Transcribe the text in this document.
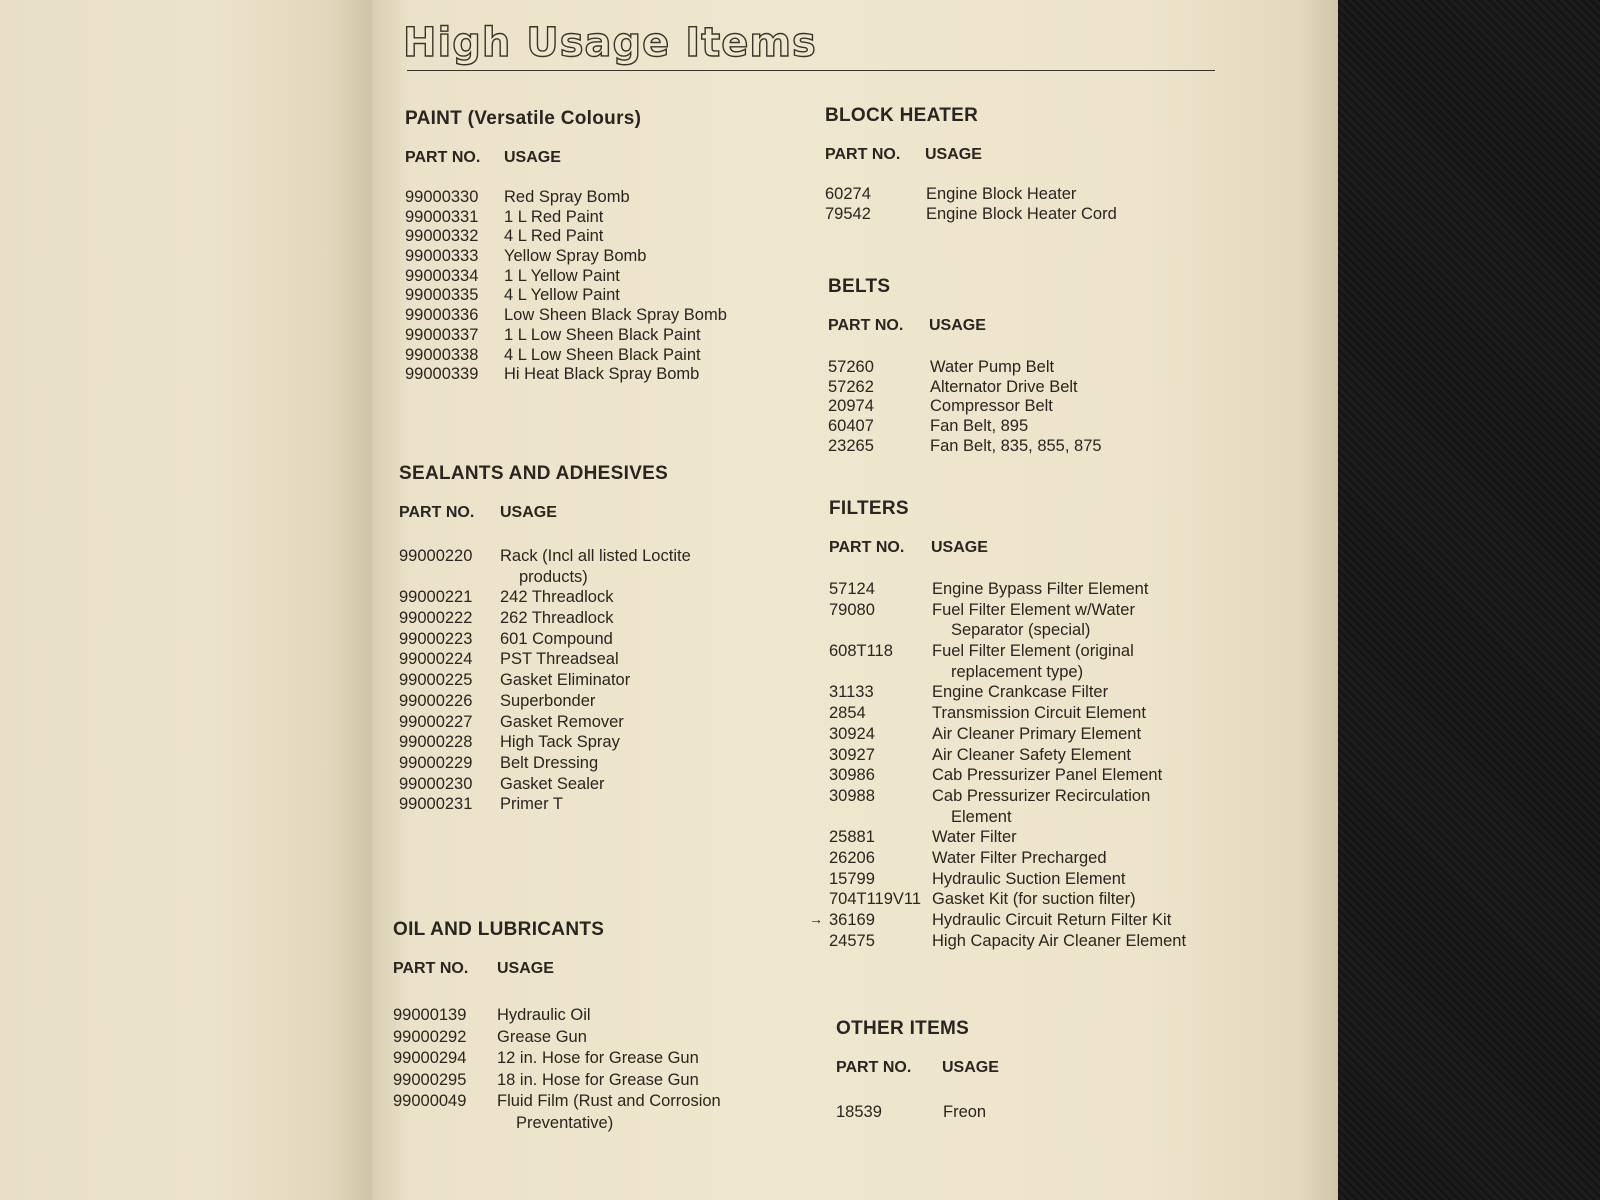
High Usage Items
PAINT (Versatile Colours)
PART NO. USAGE
99000330 Red Spray Bomb
99000331 1 L Red Paint
99000332 4 L Red Paint
99000333 Yellow Spray Bomb
99000334 1 L Yellow Paint
99000335 4 L Yellow Paint
99000336 Low Sheen Black Spray Bomb
99000337 1 L Low Sheen Black Paint
99000338 4 L Low Sheen Black Paint
99000339 Hi Heat Black Spray Bomb
SEALANTS AND ADHESIVES
PART NO. USAGE
99000220 Rack (Incl all listed Loctite
products)
99000221 242 Threadlock
99000222 262 Threadlock
99000223 601 Compound
99000224 PST Threadseal
99000225 Gasket Eliminator
99000226 Superbonder
99000227 Gasket Remover
99000228 High Tack Spray
99000229 Belt Dressing
99000230 Gasket Sealer
99000231 Primer T
OIL AND LUBRICANTS
PART NO. USAGE
99000139 Hydraulic Oil
99000292 Grease Gun
99000294 12 in. Hose for Grease Gun
99000295 18 in. Hose for Grease Gun
99000049 Fluid Film (Rust and Corrosion
Preventative)
BLOCK HEATER
PART NO. USAGE
60274	Engine Block Heater
79542	Engine Block Heater Cord
BELTS
PART NO. USAGE
57260	Water Pump Belt
57262	Alternator Drive Belt
20974	Compressor Belt
60407	Fan Belt, 895
23265	Fan Belt, 835, 855, 875
FILTERS
PART NO. USAGE
57124	Engine Bypass Filter Element
79080	Fuel Filter Element w/Water
Separator (special)
608T118 Fuel Filter Element (original
replacement type)
31133	Engine Crankcase Filter
2854	Transmission Circuit Element
30924	Air Cleaner Primary Element
30927	Air Cleaner Safety Element
30986	Cab Pressurizer Panel Element
30988	Cab Pressurizer Recirculation
Element
25881	Water Filter
26206	Water Filter Precharged
15799	Hydraulic Suction Element
704T119V11 Gasket Kit (for suction filter)
→ 36169	Hydraulic Circuit Return Filter Kit
24575	High Capacity Air Cleaner Element
OTHER ITEMS
PART NO. USAGE
18539	Freon
